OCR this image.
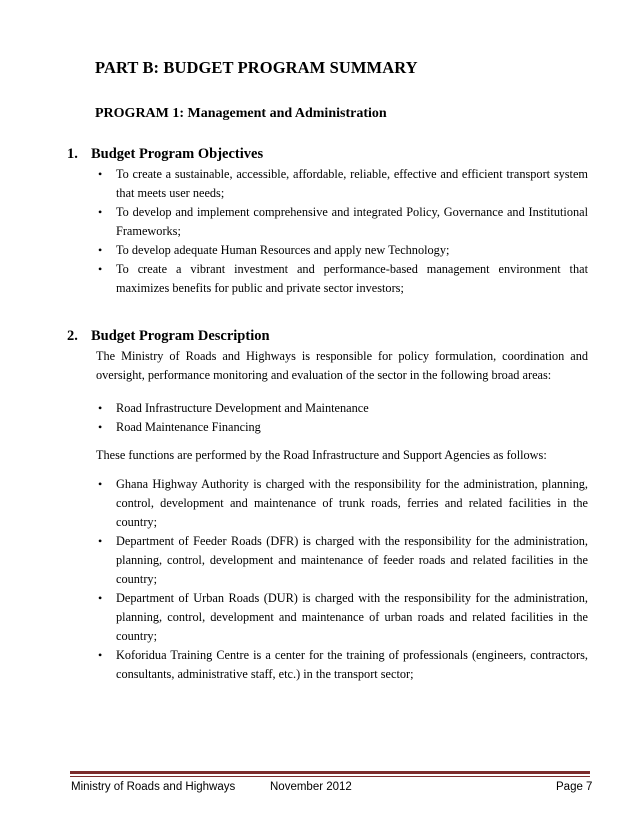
PART B: BUDGET PROGRAM SUMMARY
PROGRAM 1: Management and Administration
1. Budget Program Objectives
• To create a sustainable, accessible, affordable, reliable, effective and efficient transport system that meets user needs;
• To develop and implement comprehensive and integrated Policy, Governance and Institutional Frameworks;
• To develop adequate Human Resources and apply new Technology;
• To create a vibrant investment and performance-based management environment that maximizes benefits for public and private sector investors;
2. Budget Program Description
The Ministry of Roads and Highways is responsible for policy formulation, coordination and oversight, performance monitoring and evaluation of the sector in the following broad areas:
• Road Infrastructure Development and Maintenance
• Road Maintenance Financing
These functions are performed by the Road Infrastructure and Support Agencies as follows:
• Ghana Highway Authority is charged with the responsibility for the administration, planning, control, development and maintenance of trunk roads, ferries and related facilities in the country;
• Department of Feeder Roads (DFR) is charged with the responsibility for the administration, planning, control, development and maintenance of feeder roads and related facilities in the country;
• Department of Urban Roads (DUR) is charged with the responsibility for the administration, planning, control, development and maintenance of urban roads and related facilities in the country;
• Koforidua Training Centre is a center for the training of professionals (engineers, contractors, consultants, administrative staff, etc.) in the transport sector;
Ministry of Roads and Highways	November 2012	Page 7
